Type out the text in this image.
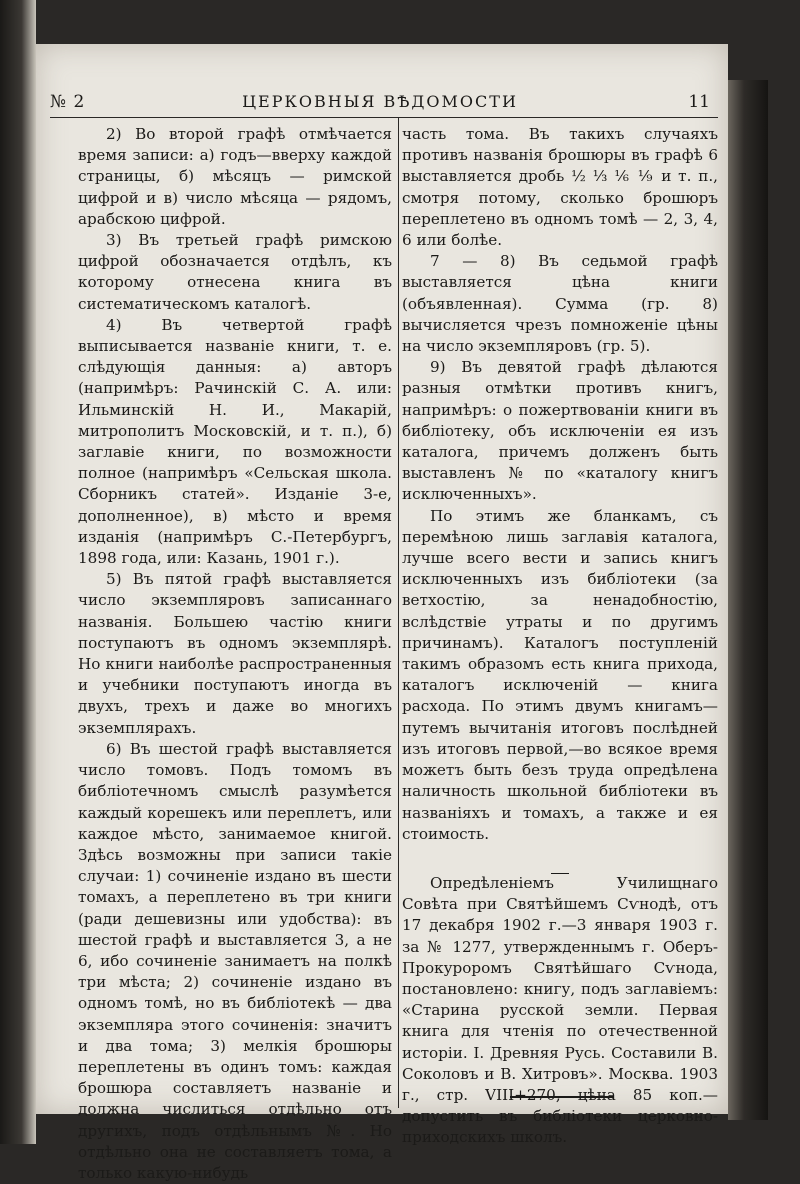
№ 2	ЦЕРКОВНЫЯ ВѢДОМОСТИ	11

2) Во второй графѣ отмѣчается время записи: а) годъ—вверху каждой страницы, б) мѣсяцъ — римской цифрой и в) число мѣсяца — рядомъ, арабскою цифрой.

3) Въ третьей графѣ римскою цифрой обозначается отдѣлъ, къ которому отнесена книга въ систематическомъ каталогѣ.

4) Въ четвертой графѣ выписывается названіе книги, т. е. слѣдующія данныя: а) авторъ (напримѣръ: Рачинскій С. А. или: Ильминскій Н. И., Макарій, митрополитъ Московскій, и т. п.), б) заглавіе книги, по возможности полное (напримѣръ «Сельская школа. Сборникъ статей». Изданіе 3-е, дополненное), в) мѣсто и время изданія (напримѣръ С.-Петербургъ, 1898 года, или: Казань, 1901 г.).

5) Въ пятой графѣ выставляется число экземпляровъ записаннаго названія. Большею частію книги поступаютъ въ одномъ экземплярѣ. Но книги наиболѣе распространенныя и учебники поступаютъ иногда въ двухъ, трехъ и даже во многихъ экземплярахъ.

6) Въ шестой графѣ выставляется число томовъ. Подъ томомъ въ библіотечномъ смыслѣ разумѣется каждый корешекъ или переплетъ, или каждое мѣсто, занимаемое книгой. Здѣсь возможны при записи такіе случаи: 1) сочиненіе издано въ шести томахъ, а переплетено въ три книги (ради дешевизны или удобства): въ шестой графѣ и выставляется 3, а не 6, ибо сочиненіе занимаетъ на полкѣ три мѣста; 2) сочиненіе издано въ одномъ томѣ, но въ библіотекѣ — два экземпляра этого сочиненія: значитъ и два тома; 3) мелкія брошюры переплетены въ одинъ томъ: каждая брошюра составляетъ названіе и должна числиться отдѣльно отъ другихъ, подъ отдѣльнымъ №. Но отдѣльно она не составляетъ тома, а только какую-нибудь

часть тома. Въ такихъ случаяхъ противъ названія брошюры въ графѣ 6 выставляется дробь ½ ⅓ ⅙ ⅑ и т. п., смотря потому, сколько брошюръ переплетено въ одномъ томѣ — 2, 3, 4, 6 или болѣе.

7 — 8) Въ седьмой графѣ выставляется цѣна книги (объявленная). Сумма (гр. 8) вычисляется чрезъ помноженіе цѣны на число экземпляровъ (гр. 5).

9) Въ девятой графѣ дѣлаются разныя отмѣтки противъ книгъ, напримѣръ: о пожертвованіи книги въ библіотеку, объ исключеніи ея изъ каталога, причемъ долженъ быть выставленъ № по «каталогу книгъ исключенныхъ».

По этимъ же бланкамъ, съ перемѣною лишь заглавія каталога, лучше всего вести и запись книгъ исключенныхъ изъ библіотеки (за ветхостію, за ненадобностію, вслѣдствіе утраты и по другимъ причинамъ). Каталогъ поступленій такимъ образомъ есть книга прихода, каталогъ исключеній — книга расхода. По этимъ двумъ книгамъ— путемъ вычитанія итоговъ послѣдней изъ итоговъ первой,—во всякое время можетъ быть безъ труда опредѣлена наличность школьной библіотеки въ названіяхъ и томахъ, а также и ея стоимость.

Опредѣленіемъ Училищнаго Совѣта при Святѣйшемъ Сѵнодѣ, отъ 17 декабря 1902 г.—3 января 1903 г. за № 1277, утвержденнымъ г. Оберъ-Прокуроромъ Святѣйшаго Сѵнода, постановлено: книгу, подъ заглавіемъ: «Старина русской земли. Первая книга для чтенія по отечественной исторіи. I. Древняя Русь. Составили В. Соколовъ и В. Хитровъ». Москва. 1903 г., стр. VIII+270, цѣна 85 коп.—допустить въ библіотеки церковно-приходскихъ школъ.
